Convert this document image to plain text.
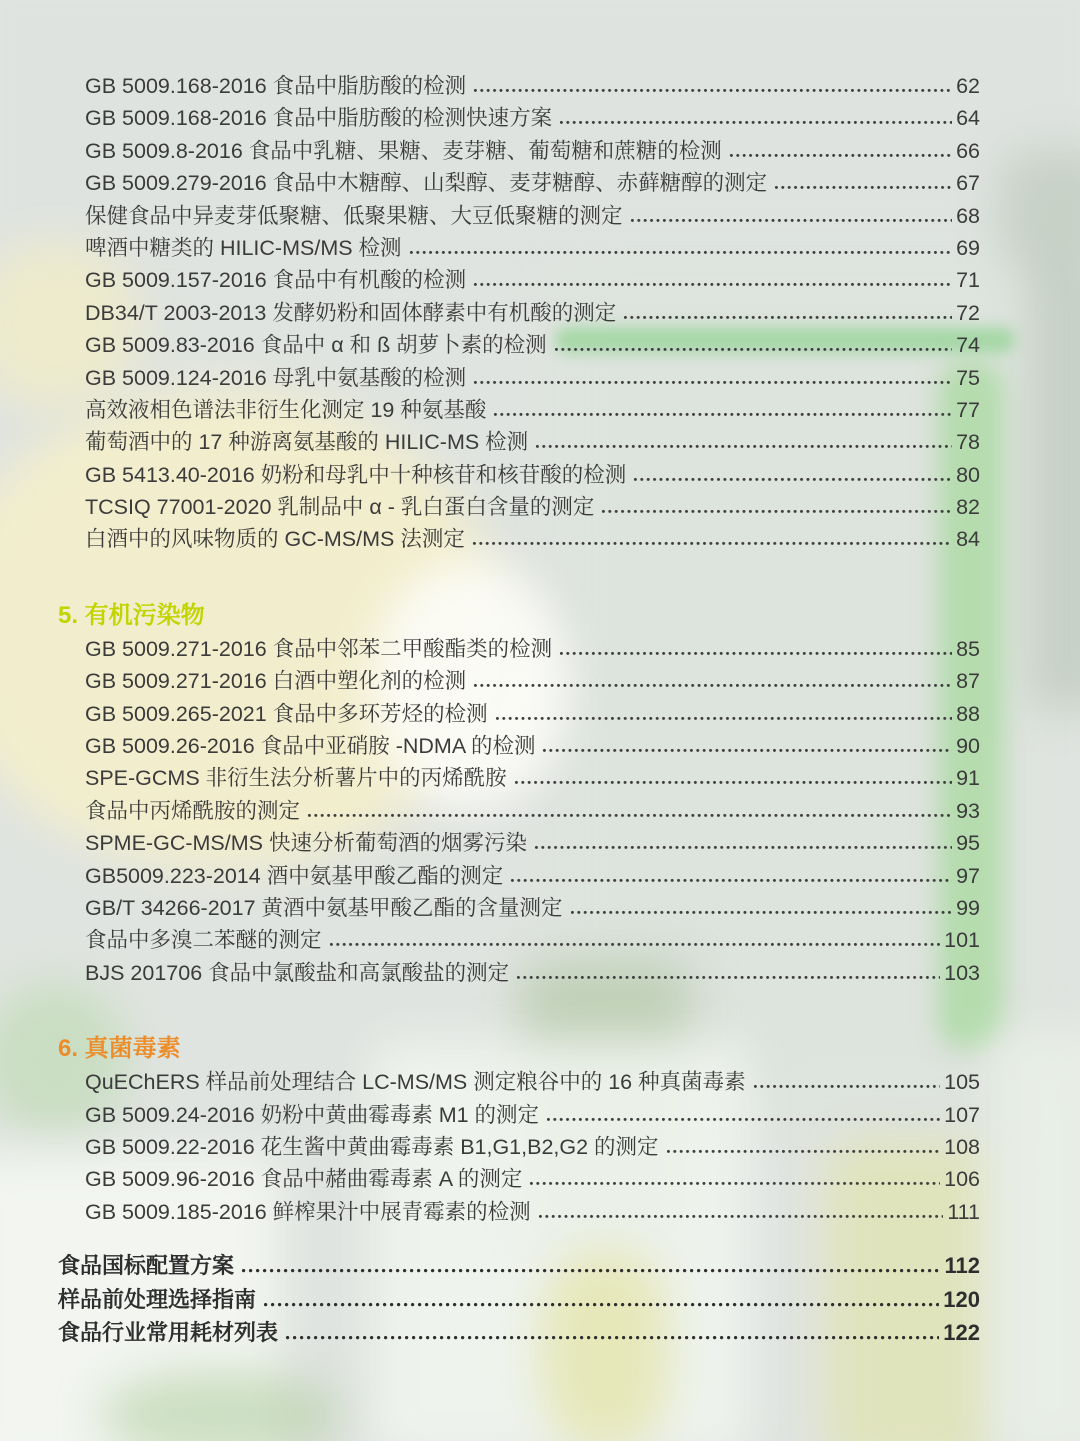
GB 5009.168-2016 食品中脂肪酸的检测	62
GB 5009.168-2016 食品中脂肪酸的检测快速方案	64
GB 5009.8-2016 食品中乳糖、果糖、麦芽糖、葡萄糖和蔗糖的检测	66
GB 5009.279-2016 食品中木糖醇、山梨醇、麦芽糖醇、赤藓糖醇的测定	67
保健食品中异麦芽低聚糖、低聚果糖、大豆低聚糖的测定	68
啤酒中糖类的 HILIC-MS/MS 检测	69
GB 5009.157-2016 食品中有机酸的检测	71
DB34/T 2003-2013 发酵奶粉和固体酵素中有机酸的测定	72
GB 5009.83-2016 食品中 α 和 ß 胡萝卜素的检测	74
GB 5009.124-2016 母乳中氨基酸的检测	75
高效液相色谱法非衍生化测定 19 种氨基酸	77
葡萄酒中的 17 种游离氨基酸的 HILIC-MS 检测	78
GB 5413.40-2016 奶粉和母乳中十种核苷和核苷酸的检测	80
TCSIQ 77001-2020 乳制品中 α - 乳白蛋白含量的测定	82
白酒中的风味物质的 GC-MS/MS 法测定	84
5. 有机污染物
GB 5009.271-2016 食品中邻苯二甲酸酯类的检测	85
GB 5009.271-2016 白酒中塑化剂的检测	87
GB 5009.265-2021 食品中多环芳烃的检测	88
GB 5009.26-2016 食品中亚硝胺 -NDMA 的检测	90
SPE-GCMS 非衍生法分析薯片中的丙烯酰胺	91
食品中丙烯酰胺的测定	93
SPME-GC-MS/MS 快速分析葡萄酒的烟雾污染	95
GB5009.223-2014 酒中氨基甲酸乙酯的测定	97
GB/T 34266-2017 黄酒中氨基甲酸乙酯的含量测定	99
食品中多溴二苯醚的测定	101
BJS 201706 食品中氯酸盐和高氯酸盐的测定	103
6. 真菌毒素
QuEChERS 样品前处理结合 LC-MS/MS 测定粮谷中的 16 种真菌毒素	105
GB 5009.24-2016 奶粉中黄曲霉毒素 M1 的测定	107
GB 5009.22-2016 花生酱中黄曲霉毒素 B1,G1,B2,G2 的测定	108
GB 5009.96-2016 食品中赭曲霉毒素 A 的测定	106
GB 5009.185-2016 鲜榨果汁中展青霉素的检测	111
食品国标配置方案	112
样品前处理选择指南	120
食品行业常用耗材列表	122
